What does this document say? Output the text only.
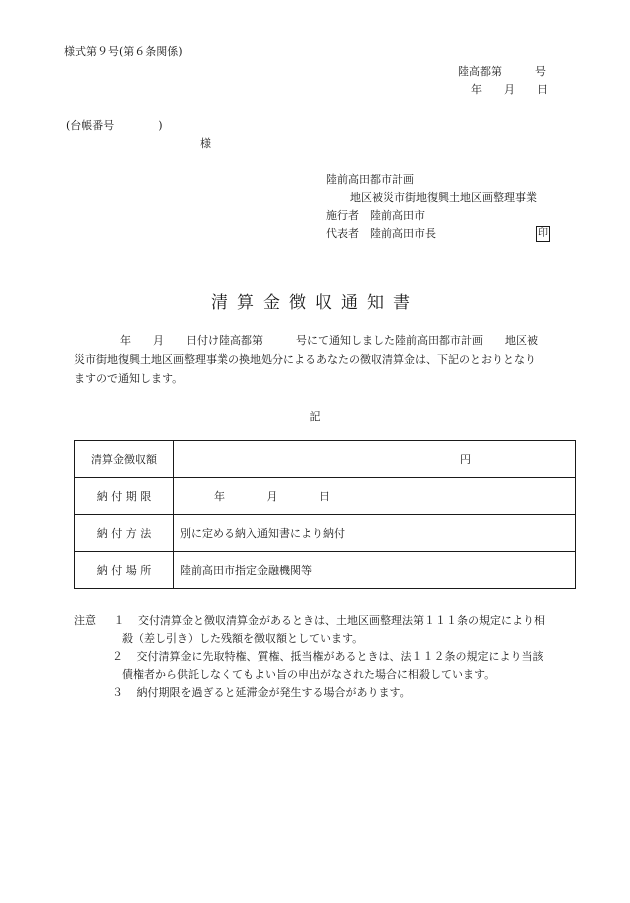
様式第９号(第６条関係)
陸高都第　　　号
年　　月　　日
(台帳番号　　　　)
様
陸前高田都市計画
地区被災市街地復興土地区画整理事業
施行者　陸前高田市
代表者　陸前高田市長	印
清算金徴収通知書
年　　月　　日付け陸高都第　　　号にて通知しました陸前高田都市計画　　地区被
災市街地復興土地区画整理事業の換地処分によるあなたの徴収清算金は、下記のとおりとなり
ますので通知します。
記
清算金徴収額	円
納 付 期 限	年 月 日
納 付 方 法	別に定める納入通知書により納付
納 付 場 所	陸前高田市指定金融機関等
注意 １ 交付清算金と徴収清算金があるときは、土地区画整理法第１１１条の規定により相
殺（差し引き）した残額を徴収額としています。
２ 交付清算金に先取特権、質権、抵当権があるときは、法１１２条の規定により当該
債権者から供託しなくてもよい旨の申出がなされた場合に相殺しています。
３ 納付期限を過ぎると延滞金が発生する場合があります。
